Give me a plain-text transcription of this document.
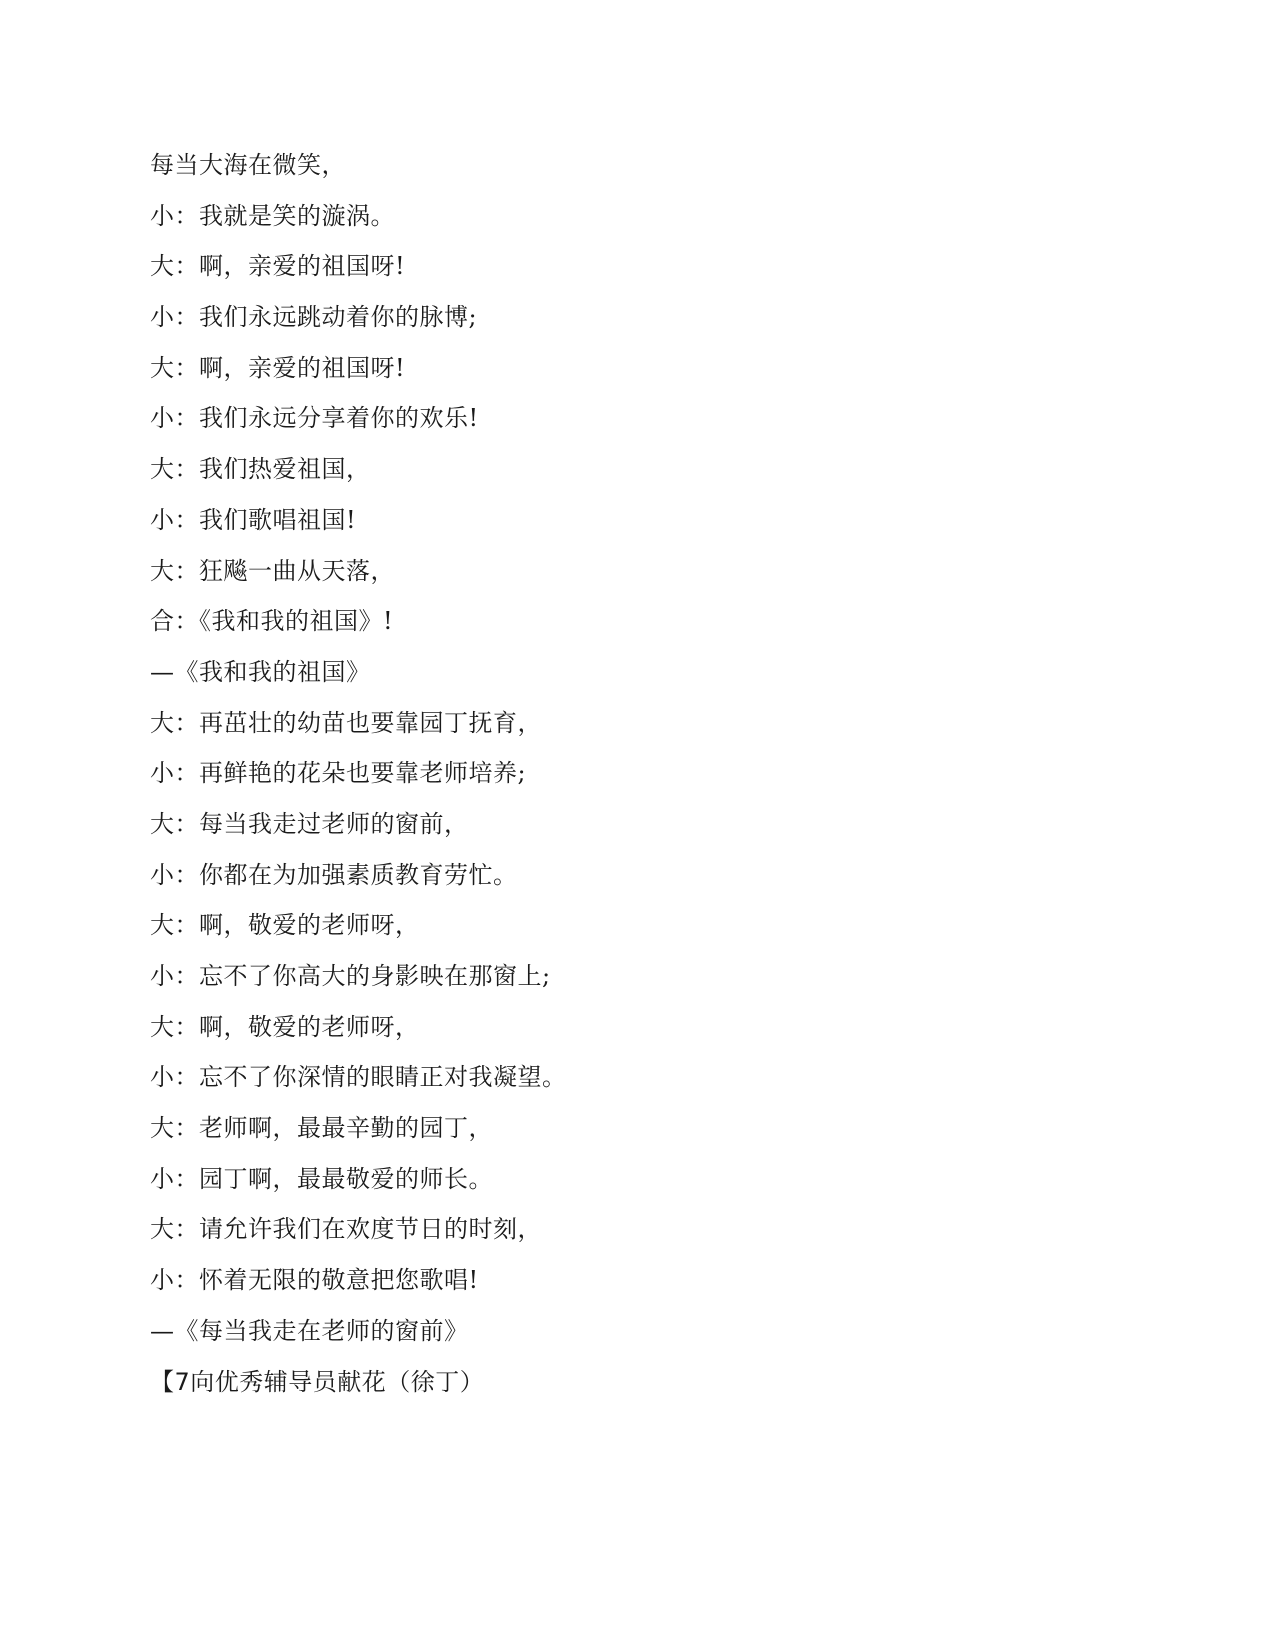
每当大海在微笑，
小：我就是笑的漩涡。
大：啊，亲爱的祖国呀!
小：我们永远跳动着你的脉博;
大：啊，亲爱的祖国呀!
小：我们永远分享着你的欢乐!
大：我们热爱祖国，
小：我们歌唱祖国!
大：狂飚一曲从天落，
合：《我和我的祖国》!
—《我和我的祖国》
大：再茁壮的幼苗也要靠园丁抚育，
小：再鲜艳的花朵也要靠老师培养;
大：每当我走过老师的窗前，
小：你都在为加强素质教育劳忙。
大：啊，敬爱的老师呀，
小：忘不了你高大的身影映在那窗上;
大：啊，敬爱的老师呀，
小：忘不了你深情的眼睛正对我凝望。
大：老师啊，最最辛勤的园丁，
小：园丁啊，最最敬爱的师长。
大：请允许我们在欢度节日的时刻，
小：怀着无限的敬意把您歌唱!
—《每当我走在老师的窗前》
【7向优秀辅导员献花（徐丁）
